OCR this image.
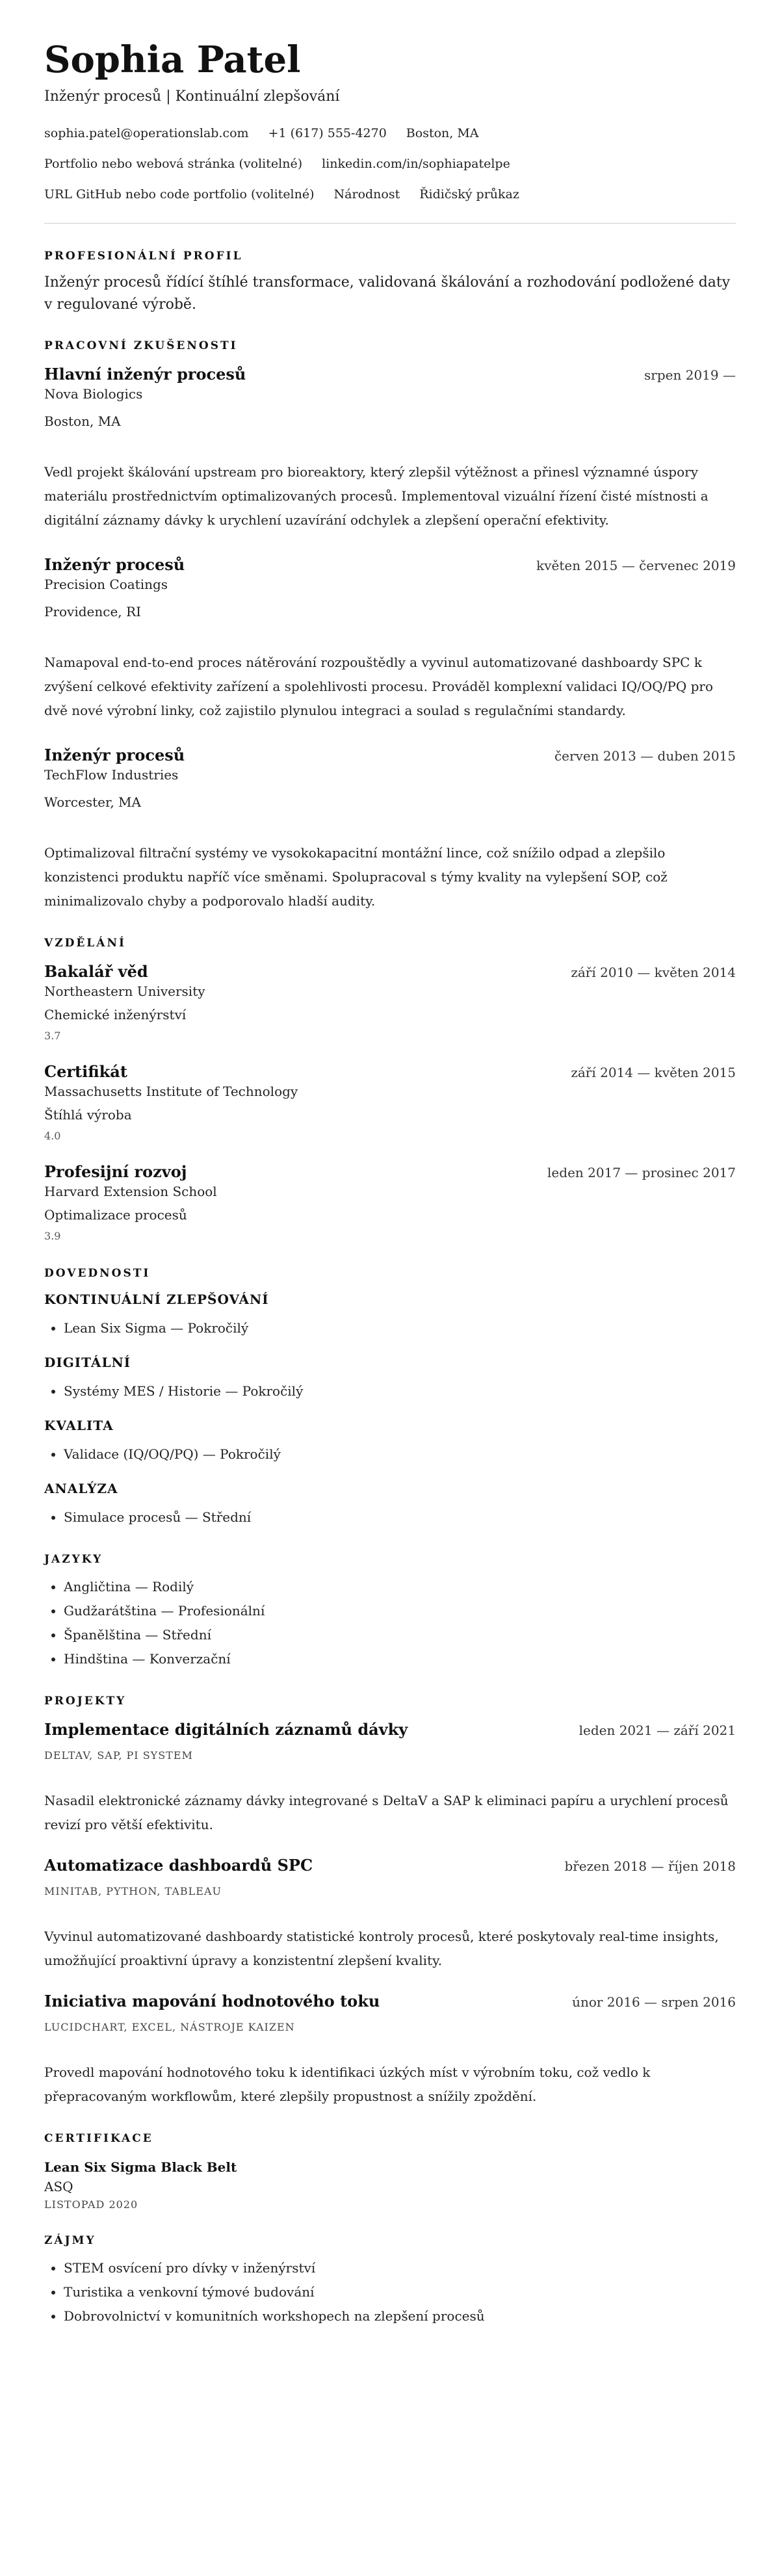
Sophia Patel
Inženýr procesů | Kontinuální zlepšování
sophia.patel@operationslab.com +1 (617) 555-4270 Boston, MA
Portfolio nebo webová stránka (volitelné) linkedin.com/in/sophiapatelpe
URL GitHub nebo code portfolio (volitelné) Národnost Řidičský průkaz
PROFESIONÁLNÍ PROFIL
Inženýr procesů řídící štíhlé transformace, validovaná škálování a rozhodování podložené daty v regulované výrobě.
PRACOVNÍ ZKUŠENOSTI
Hlavní inženýr procesů	srpen 2019 —
Nova Biologics
Boston, MA
Vedl projekt škálování upstream pro bioreaktory, který zlepšil výtěžnost a přinesl významné úspory materiálu prostřednictvím optimalizovaných procesů. Implementoval vizuální řízení čisté místnosti a digitální záznamy dávky k urychlení uzavírání odchylek a zlepšení operační efektivity.
Inženýr procesů	květen 2015 — červenec 2019
Precision Coatings
Providence, RI
Namapoval end-to-end proces nátěrování rozpouštědly a vyvinul automatizované dashboardy SPC k zvýšení celkové efektivity zařízení a spolehlivosti procesu. Prováděl komplexní validaci IQ/OQ/PQ pro dvě nové výrobní linky, což zajistilo plynulou integraci a soulad s regulačními standardy.
Inženýr procesů	červen 2013 — duben 2015
TechFlow Industries
Worcester, MA
Optimalizoval filtrační systémy ve vysokokapacitní montážní lince, což snížilo odpad a zlepšilo konzistenci produktu napříč více směnami. Spolupracoval s týmy kvality na vylepšení SOP, což minimalizovalo chyby a podporovalo hladší audity.
VZDĚLÁNÍ
Bakalář věd	září 2010 — květen 2014
Northeastern University
Chemické inženýrství
3.7
Certifikát	září 2014 — květen 2015
Massachusetts Institute of Technology
Štíhlá výroba
4.0
Profesijní rozvoj	leden 2017 — prosinec 2017
Harvard Extension School
Optimalizace procesů
3.9
DOVEDNOSTI
KONTINUÁLNÍ ZLEPŠOVÁNÍ
• Lean Six Sigma — Pokročilý
DIGITÁLNÍ
• Systémy MES / Historie — Pokročilý
KVALITA
• Validace (IQ/OQ/PQ) — Pokročilý
ANALÝZA
• Simulace procesů — Střední
JAZYKY
• Angličtina — Rodilý
• Gudžarátština — Profesionální
• Španělština — Střední
• Hindština — Konverzační
PROJEKTY
Implementace digitálních záznamů dávky	leden 2021 — září 2021
DELTAV, SAP, PI SYSTEM
Nasadil elektronické záznamy dávky integrované s DeltaV a SAP k eliminaci papíru a urychlení procesů revizí pro větší efektivitu.
Automatizace dashboardů SPC	březen 2018 — říjen 2018
MINITAB, PYTHON, TABLEAU
Vyvinul automatizované dashboardy statistické kontroly procesů, které poskytovaly real-time insights, umožňující proaktivní úpravy a konzistentní zlepšení kvality.
Iniciativa mapování hodnotového toku	únor 2016 — srpen 2016
LUCIDCHART, EXCEL, NÁSTROJE KAIZEN
Provedl mapování hodnotového toku k identifikaci úzkých míst v výrobním toku, což vedlo k přepracovaným workflowům, které zlepšily propustnost a snížily zpoždění.
CERTIFIKACE
Lean Six Sigma Black Belt
ASQ
LISTOPAD 2020
ZÁJMY
• STEM osvícení pro dívky v inženýrství
• Turistika a venkovní týmové budování
• Dobrovolnictví v komunitních workshopech na zlepšení procesů
